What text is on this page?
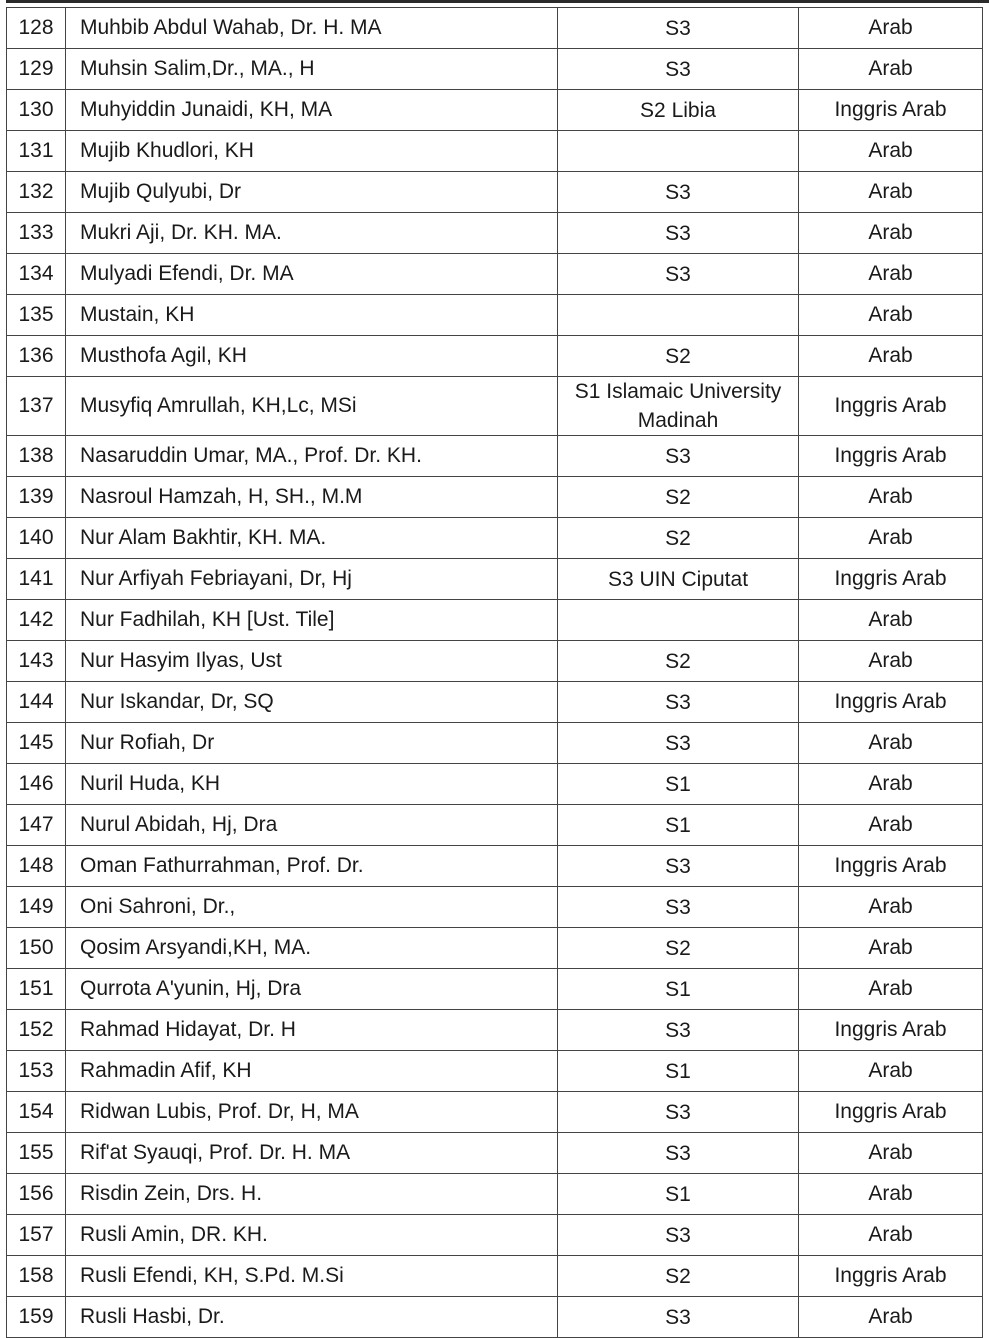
128	Muhbib Abdul Wahab, Dr. H. MA	S3	Arab
129	Muhsin Salim,Dr., MA., H	S3	Arab
130	Muhyiddin Junaidi, KH, MA	S2 Libia	Inggris Arab
131	Mujib Khudlori, KH		Arab
132	Mujib Qulyubi, Dr	S3	Arab
133	Mukri Aji, Dr. KH. MA.	S3	Arab
134	Mulyadi Efendi, Dr. MA	S3	Arab
135	Mustain, KH		Arab
136	Musthofa Agil, KH	S2	Arab
137	Musyfiq Amrullah, KH,Lc, MSi	S1 Islamaic University Madinah	Inggris Arab
138	Nasaruddin Umar, MA., Prof. Dr. KH.	S3	Inggris Arab
139	Nasroul Hamzah, H, SH., M.M	S2	Arab
140	Nur Alam Bakhtir, KH. MA.	S2	Arab
141	Nur Arfiyah Febriayani, Dr, Hj	S3 UIN Ciputat	Inggris Arab
142	Nur Fadhilah, KH [Ust. Tile]		Arab
143	Nur Hasyim Ilyas, Ust	S2	Arab
144	Nur Iskandar, Dr, SQ	S3	Inggris Arab
145	Nur Rofiah, Dr	S3	Arab
146	Nuril Huda, KH	S1	Arab
147	Nurul Abidah, Hj, Dra	S1	Arab
148	Oman Fathurrahman, Prof. Dr.	S3	Inggris Arab
149	Oni Sahroni, Dr.,	S3	Arab
150	Qosim Arsyandi,KH, MA.	S2	Arab
151	Qurrota A'yunin, Hj, Dra	S1	Arab
152	Rahmad Hidayat, Dr. H	S3	Inggris Arab
153	Rahmadin Afif, KH	S1	Arab
154	Ridwan Lubis, Prof. Dr, H, MA	S3	Inggris Arab
155	Rif'at Syauqi, Prof. Dr. H. MA	S3	Arab
156	Risdin Zein, Drs. H.	S1	Arab
157	Rusli Amin, DR. KH.	S3	Arab
158	Rusli Efendi, KH, S.Pd. M.Si	S2	Inggris Arab
159	Rusli Hasbi, Dr.	S3	Arab
